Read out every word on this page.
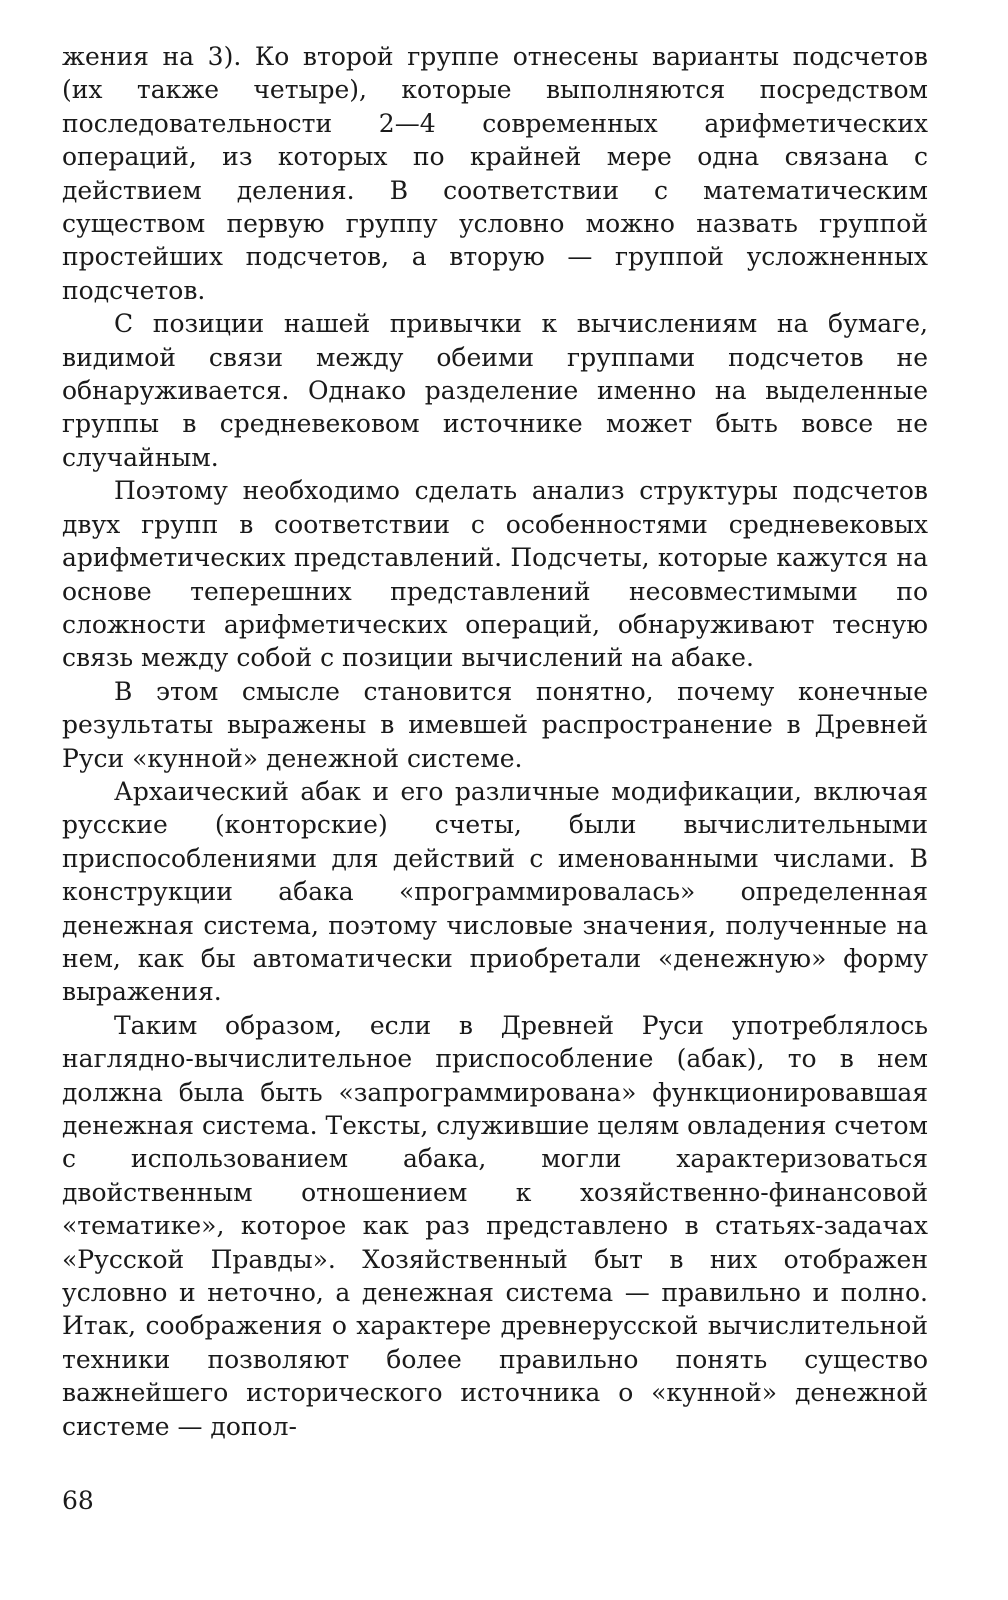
жения на 3). Ко второй группе отнесены варианты подсчетов (их также четыре), которые выполняются посредством последовательности 2—4 современных арифметических операций, из которых по крайней мере одна связана с действием деления. В соответствии с математическим существом первую группу условно можно назвать группой простейших подсчетов, а вторую — группой усложненных подсчетов.

С позиции нашей привычки к вычислениям на бумаге, видимой связи между обеими группами подсчетов не обнаруживается. Однако разделение именно на выделенные группы в средневековом источнике может быть вовсе не случайным.

Поэтому необходимо сделать анализ структуры подсчетов двух групп в соответствии с особенностями средневековых арифметических представлений. Подсчеты, которые кажутся на основе теперешних представлений несовместимыми по сложности арифметических операций, обнаруживают тесную связь между собой с позиции вычислений на абаке.

В этом смысле становится понятно, почему конечные результаты выражены в имевшей распространение в Древней Руси «кунной» денежной системе.

Архаический абак и его различные модификации, включая русские (конторские) счеты, были вычислительными приспособлениями для действий с именованными числами. В конструкции абака «программировалась» определенная денежная система, поэтому числовые значения, полученные на нем, как бы автоматически приобретали «денежную» форму выражения.

Таким образом, если в Древней Руси употреблялось наглядно-вычислительное приспособление (абак), то в нем должна была быть «запрограммирована» функционировавшая денежная система. Тексты, служившие целям овладения счетом с использованием абака, могли характеризоваться двойственным отношением к хозяйственно-финансовой «тематике», которое как раз представлено в статьях-задачах «Русской Правды». Хозяйственный быт в них отображен условно и неточно, а денежная система — правильно и полно. Итак, соображения о характере древнерусской вычислительной техники позволяют более правильно понять существо важнейшего исторического источника о «кунной» денежной системе — допол-

68
